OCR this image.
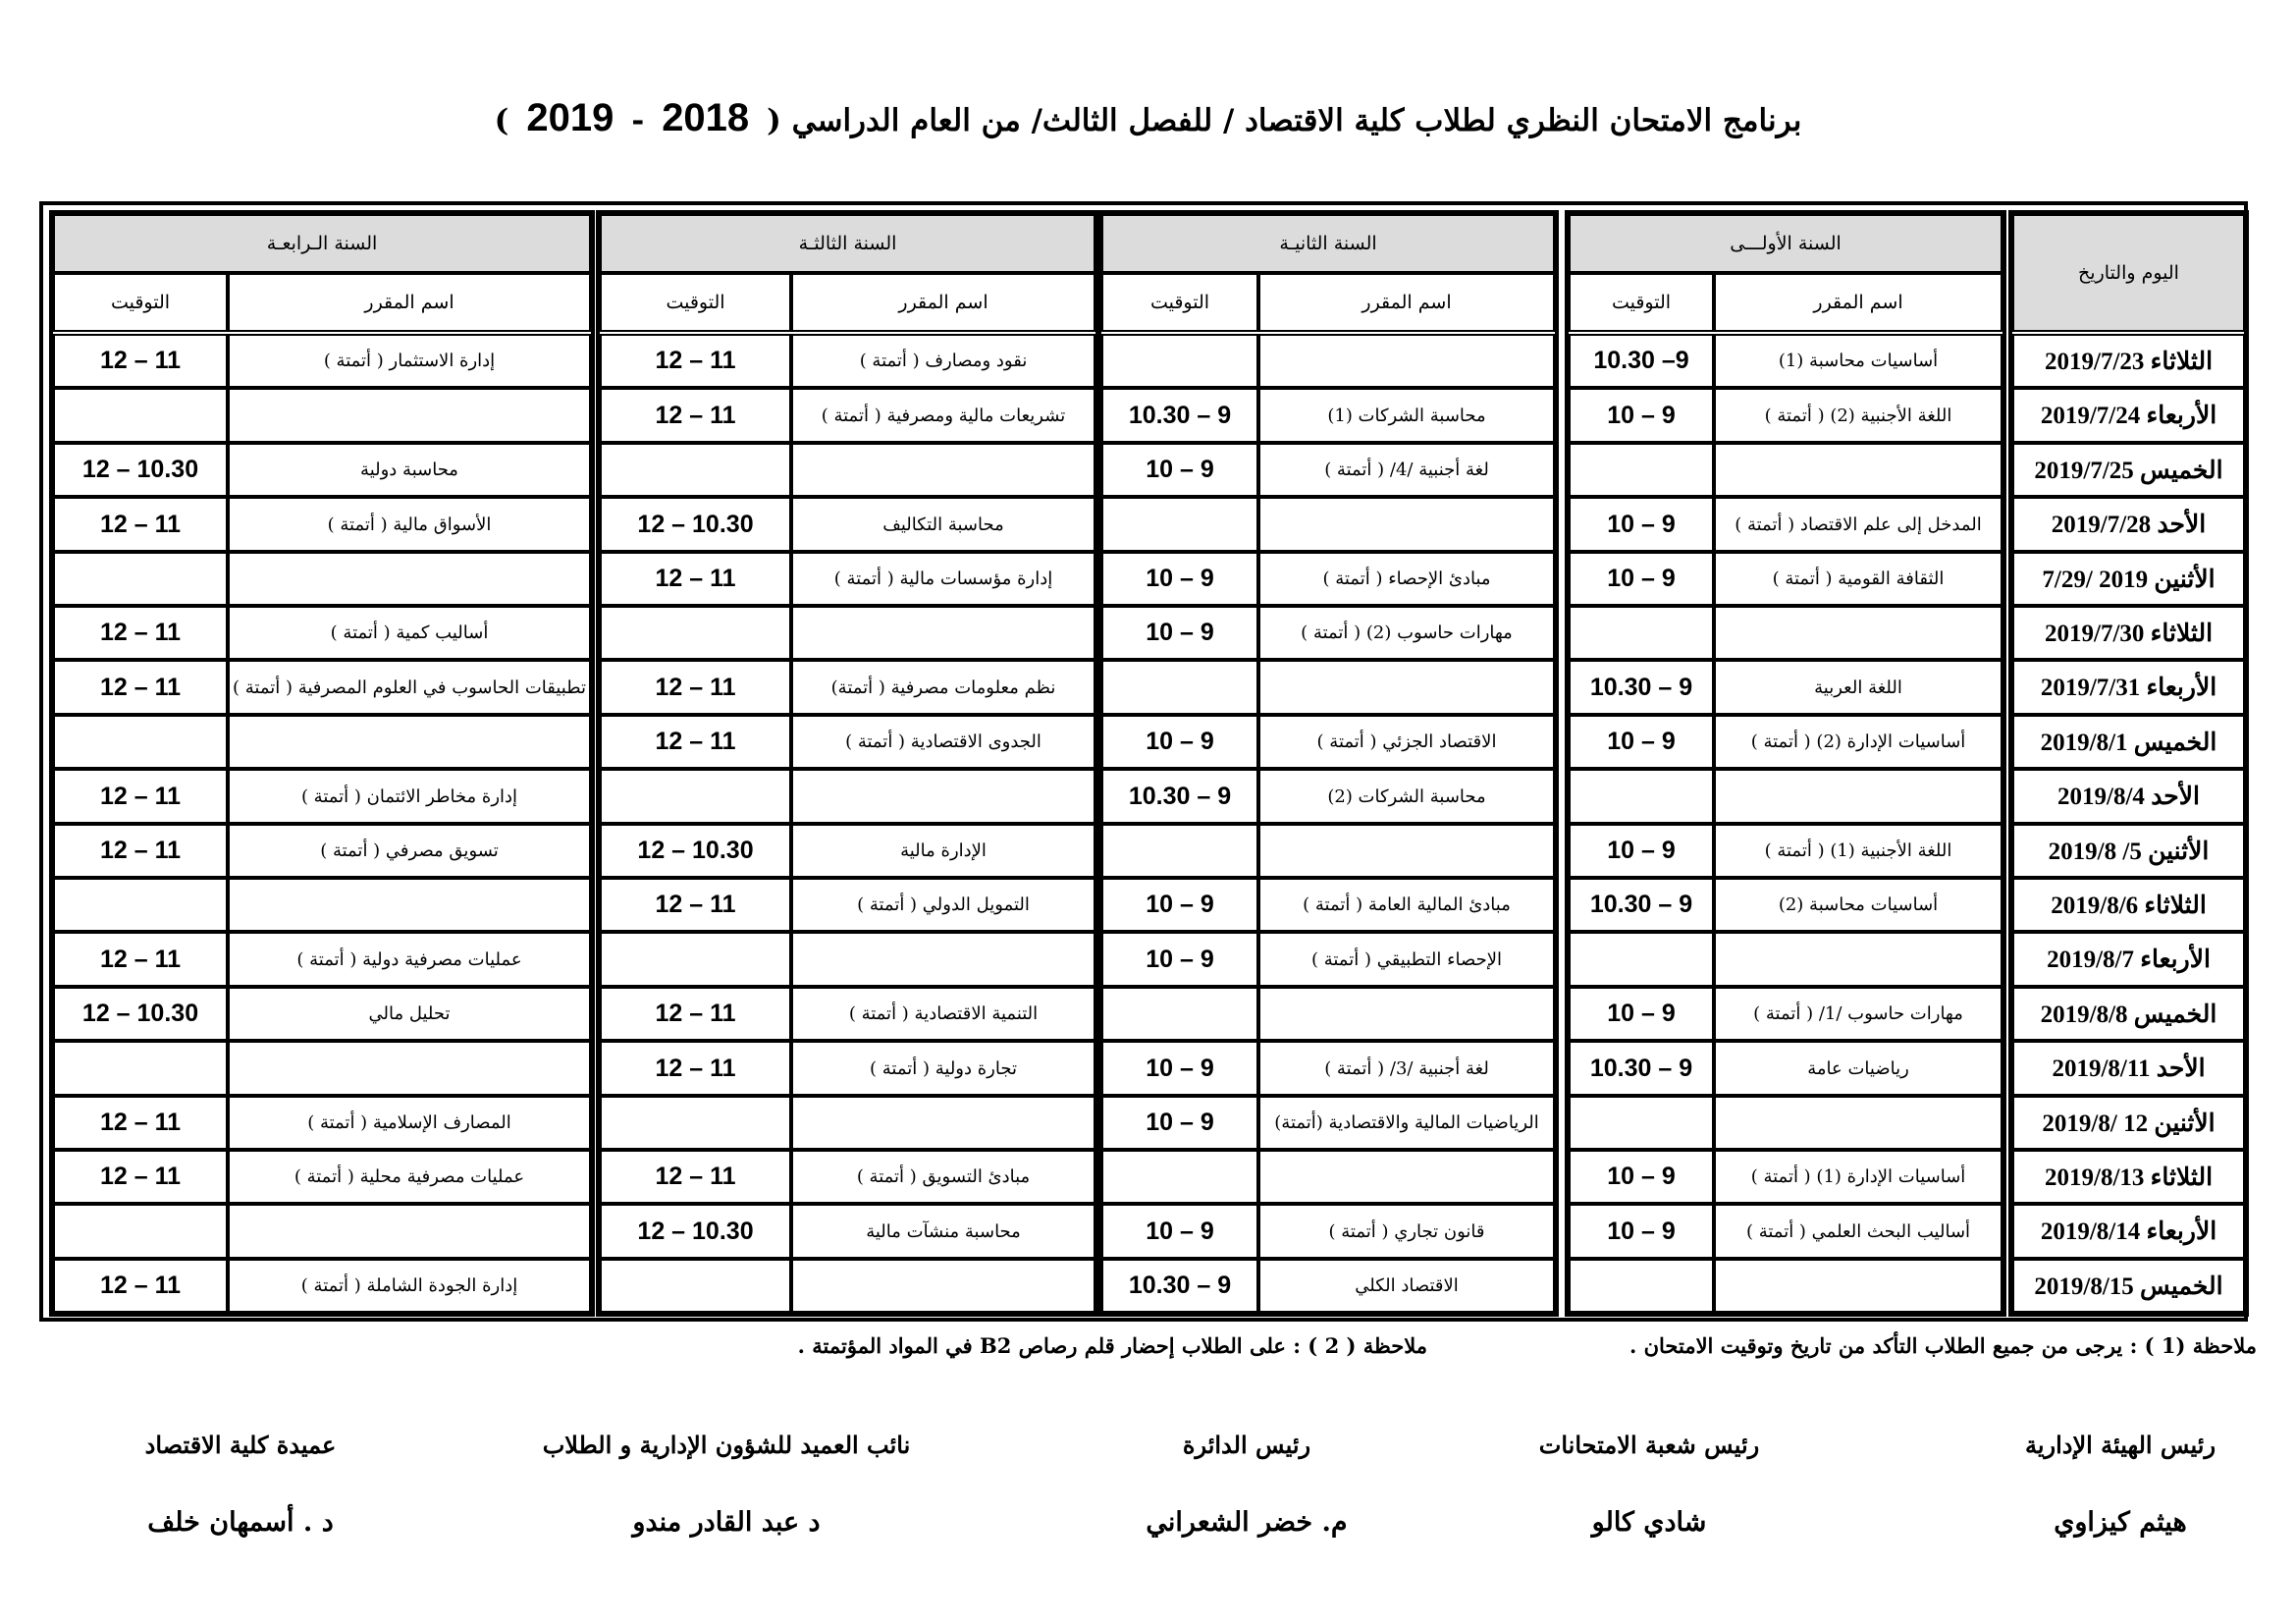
برنامج الامتحان النظري لطلاب كلية الاقتصاد / للفصل الثالث/ من العام الدراسي (2018-2019)
اليوم والتاريخ
السنة الأولـــى
اسم المقرر
التوقيت
السنة الثانيـة
اسم المقرر
التوقيت
السنة الثالثـة
اسم المقرر
التوقيت
السنة الـرابعـة
اسم المقرر
التوقيت
الثلاثاء 2019/7/23
أساسيات محاسبة (1)
9– 10.30
نقود ومصارف ( أتمتة )
11 – 12
إدارة الاستثمار ( أتمتة )
11 – 12
الأربعاء 2019/7/24
اللغة الأجنبية (2) ( أتمتة )
9 – 10
محاسبة الشركات (1)
9 – 10.30
تشريعات مالية ومصرفية ( أتمتة )
11 – 12
الخميس 2019/7/25
لغة أجنبية /4/ ( أتمتة )
9 – 10
محاسبة دولية
10.30 – 12
الأحد 2019/7/28
المدخل إلى علم الاقتصاد ( أتمتة )
9 – 10
محاسبة التكاليف
10.30 – 12
الأسواق مالية ( أتمتة )
11 – 12
الأثنين 2019 /7/29
الثقافة القومية ( أتمتة )
9 – 10
مبادئ الإحصاء ( أتمتة )
9 – 10
إدارة مؤسسات مالية ( أتمتة )
11 – 12
الثلاثاء 2019/7/30
مهارات حاسوب (2) ( أتمتة )
9 – 10
أساليب كمية ( أتمتة )
11 – 12
الأربعاء 2019/7/31
اللغة العربية
9 – 10.30
نظم معلومات مصرفية ( أتمتة)
11 – 12
تطبيقات الحاسوب في العلوم المصرفية ( أتمتة )
11 – 12
الخميس 2019/8/1
أساسيات الإدارة (2) ( أتمتة )
9 – 10
الاقتصاد الجزئي ( أتمتة )
9 – 10
الجدوى الاقتصادية ( أتمتة )
11 – 12
الأحد 2019/8/4
محاسبة الشركات (2)
9 – 10.30
إدارة مخاطر الائتمان ( أتمتة )
11 – 12
الأثنين 5/ 2019/8
اللغة الأجنبية (1) ( أتمتة )
9 – 10
الإدارة مالية
10.30 – 12
تسويق مصرفي ( أتمتة )
11 – 12
الثلاثاء 2019/8/6
أساسيات محاسبة (2)
9 – 10.30
مبادئ المالية العامة ( أتمتة )
9 – 10
التمويل الدولي ( أتمتة )
11 – 12
الأربعاء 2019/8/7
الإحصاء التطبيقي ( أتمتة )
9 – 10
عمليات مصرفية دولية ( أتمتة )
11 – 12
الخميس 2019/8/8
مهارات حاسوب /1/ ( أتمتة )
9 – 10
التنمية الاقتصادية ( أتمتة )
11 – 12
تحليل مالي
10.30 – 12
الأحد 2019/8/11
رياضيات عامة
9 – 10.30
لغة أجنبية /3/ ( أتمتة )
9 – 10
تجارة دولية ( أتمتة )
11 – 12
الأثنين 12 /2019/8
الرياضيات المالية والاقتصادية (أتمتة)
9 – 10
المصارف الإسلامية ( أتمتة )
11 – 12
الثلاثاء 2019/8/13
أساسيات الإدارة (1) ( أتمتة )
9 – 10
مبادئ التسويق ( أتمتة )
11 – 12
عمليات مصرفية محلية ( أتمتة )
11 – 12
الأربعاء 2019/8/14
أساليب البحث العلمي ( أتمتة )
9 – 10
قانون تجاري ( أتمتة )
9 – 10
محاسبة منشآت مالية
10.30 – 12
الخميس 2019/8/15
الاقتصاد الكلي
9 – 10.30
إدارة الجودة الشاملة ( أتمتة )
11 – 12
ملاحظة (1 ) : يرجى من جميع الطلاب التأكد من تاريخ وتوقيت الامتحان .
ملاحظة ( 2 ) : على الطلاب إحضار قلم رصاص B2 في المواد المؤتمتة .
رئيس الهيئة الإدارية
هيثم كيزاوي
رئيس شعبة الامتحانات
شادي كالو
رئيس الدائرة
م. خضر الشعراني
نائب العميد للشؤون الإدارية و الطلاب
د عبد القادر مندو
عميدة كلية الاقتصاد
د . أسمهان خلف
